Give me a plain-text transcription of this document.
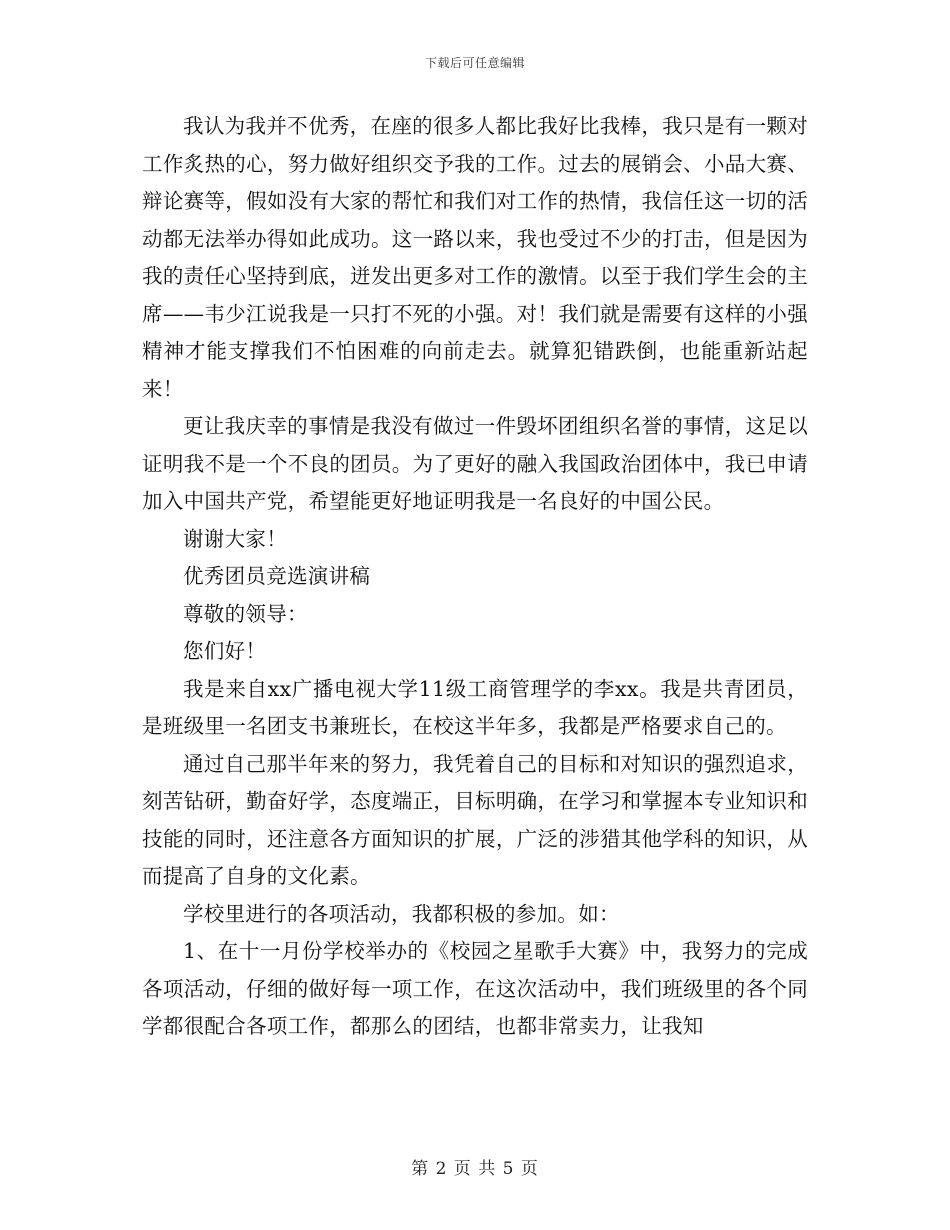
下载后可任意编辑

我认为我并不优秀，在座的很多人都比我好比我棒，我只是有一颗对工作炙热的心，努力做好组织交予我的工作。过去的展销会、小品大赛、辩论赛等，假如没有大家的帮忙和我们对工作的热情，我信任这一切的活动都无法举办得如此成功。这一路以来，我也受过不少的打击，但是因为我的责任心坚持到底，迸发出更多对工作的激情。以至于我们学生会的主席——韦少江说我是一只打不死的小强。对！我们就是需要有这样的小强精神才能支撑我们不怕困难的向前走去。就算犯错跌倒，也能重新站起来！

更让我庆幸的事情是我没有做过一件毁坏团组织名誉的事情，这足以证明我不是一个不良的团员。为了更好的融入我国政治团体中，我已申请加入中国共产党，希望能更好地证明我是一名良好的中国公民。

谢谢大家！

优秀团员竞选演讲稿

尊敬的领导：

您们好！

我是来自xx广播电视大学11级工商管理学的李xx。我是共青团员，是班级里一名团支书兼班长，在校这半年多，我都是严格要求自己的。

通过自己那半年来的努力，我凭着自己的目标和对知识的强烈追求，刻苦钻研，勤奋好学，态度端正，目标明确，在学习和掌握本专业知识和技能的同时，还注意各方面知识的扩展，广泛的涉猎其他学科的知识，从而提高了自身的文化素。

学校里进行的各项活动，我都积极的参加。如：

1、在十一月份学校举办的《校园之星歌手大赛》中，我努力的完成各项活动，仔细的做好每一项工作，在这次活动中，我们班级里的各个同学都很配合各项工作，都那么的团结，也都非常卖力，让我知

第 2 页 共 5 页
